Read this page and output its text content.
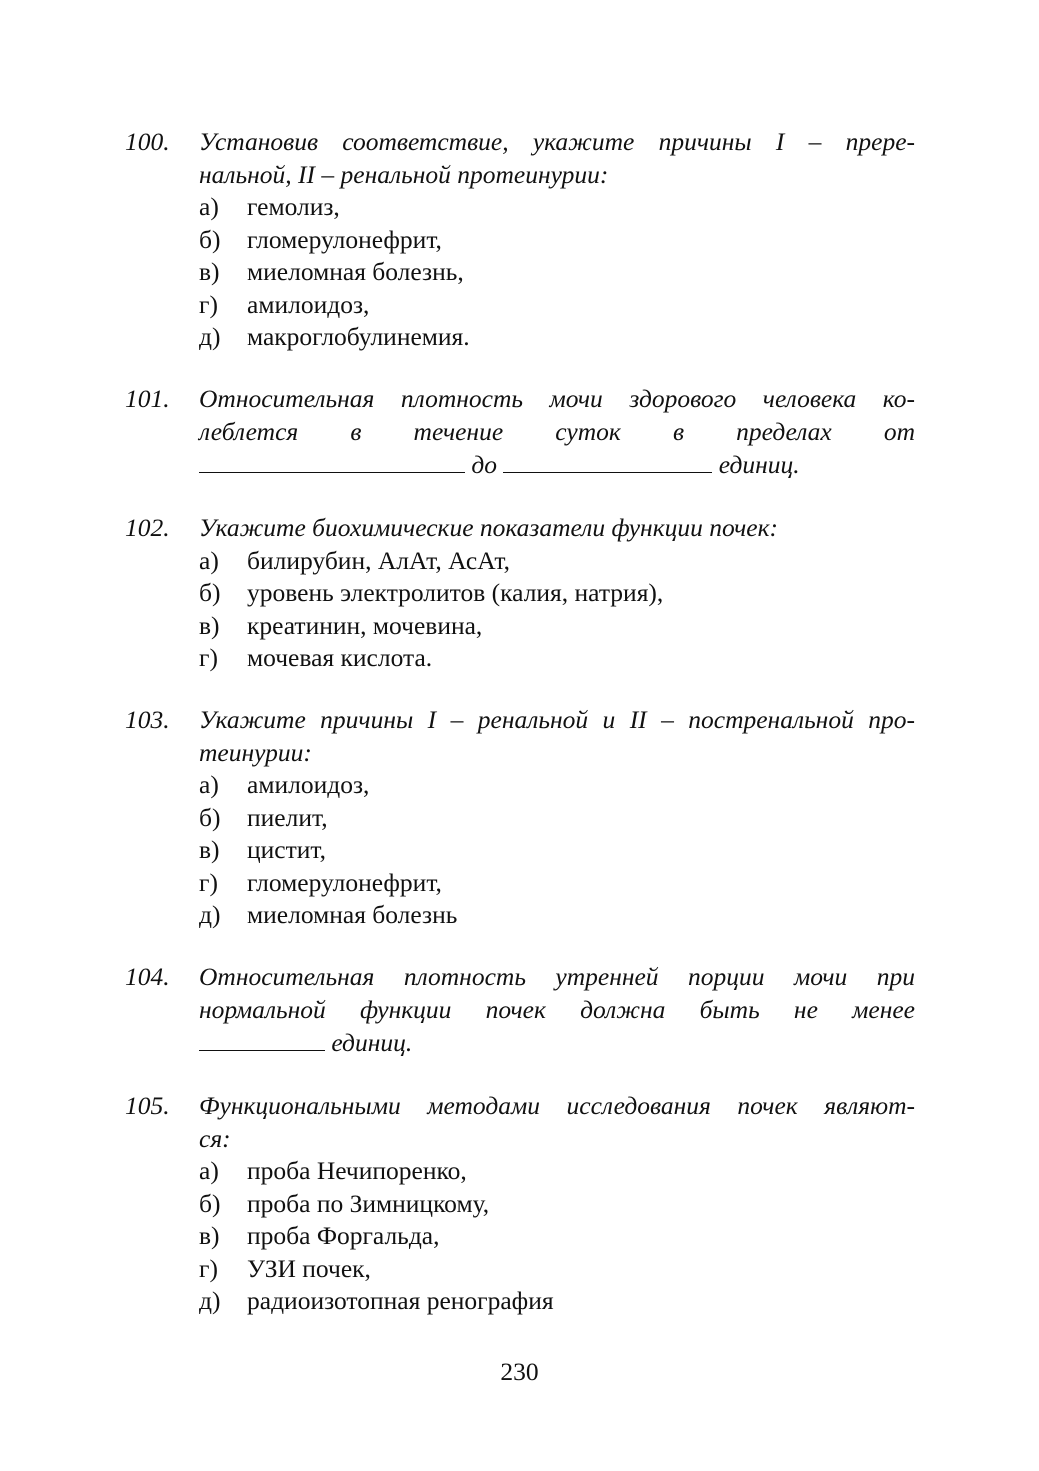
100.	Установив соответствие, укажите причины I – прере-
нальной, II – ренальной протеинурии:
а)	гемолиз,
б)	гломерулонефрит,
в)	миеломная болезнь,
г)	амилоидоз,
д)	макроглобулинемия.
101.	Относительная плотность мочи здорового человека ко-
леблется в течение суток в пределах от
до	единиц.
102.	Укажите биохимические показатели функции почек:
а)	билирубин, АлАт, АсАт,
б)	уровень электролитов (калия, натрия),
в)	креатинин, мочевина,
г)	мочевая кислота.
103.	Укажите причины I – ренальной и II – постренальной про-
теинурии:
а)	амилоидоз,
б)	пиелит,
в)	цистит,
г)	гломерулонефрит,
д)	миеломная болезнь
104.	Относительная плотность утренней порции мочи при
нормальной функции почек должна быть не менее
единиц.
105.	Функциональными методами исследования почек являют-
ся:
а)	проба Нечипоренко,
б)	проба по Зимницкому,
в)	проба Форгальда,
г)	УЗИ почек,
д)	радиоизотопная ренография
230
